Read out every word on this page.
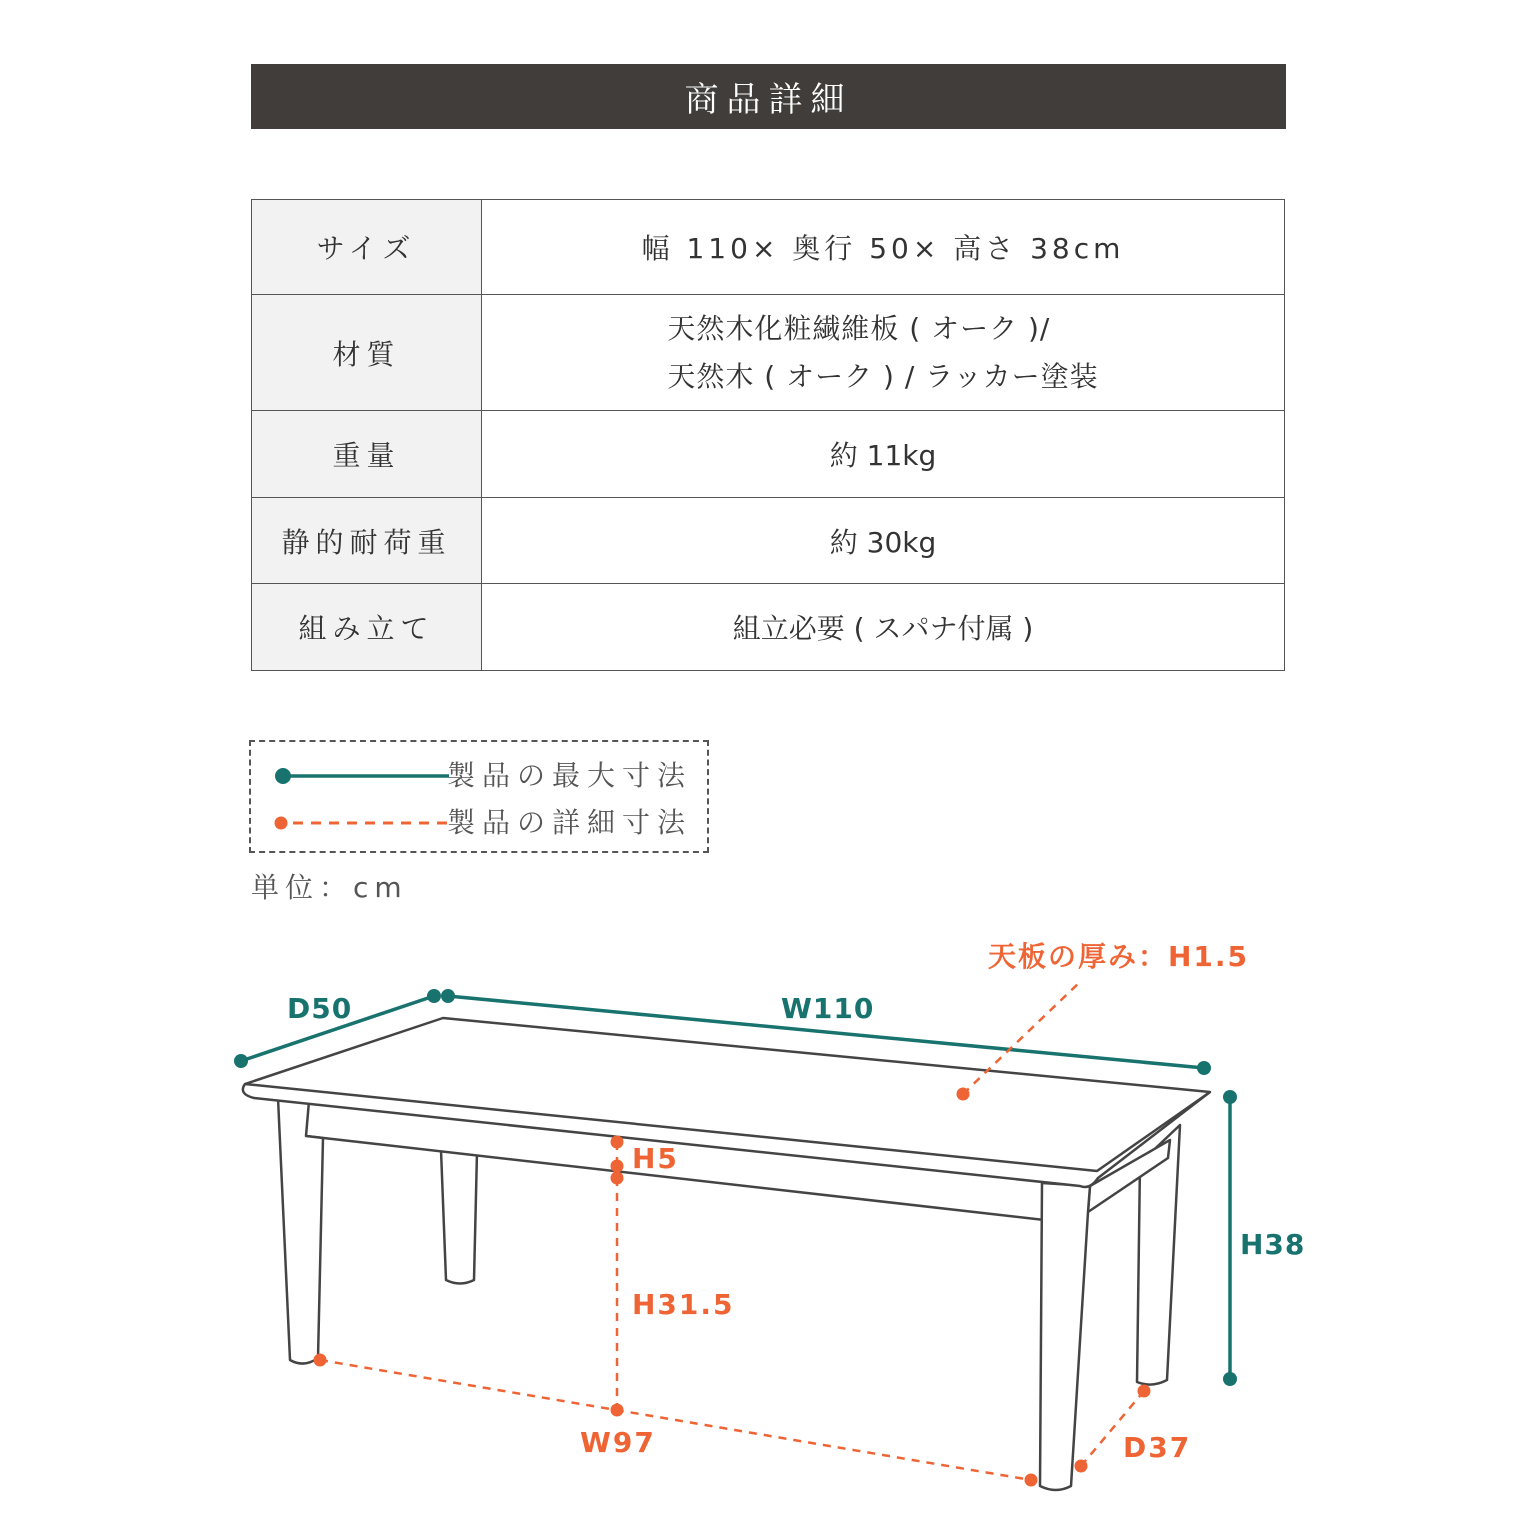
商品詳細
サイズ	幅 110× 奥行 50× 高さ 38cm
材質	天然木化粧繊維板 ( オーク )/
天然木 ( オーク ) / ラッカー塗装

重量	約 11kg
静的耐荷重	約 30kg
組み立て	組立必要 ( スパナ付属 )
製品の最大寸法
製品の詳細寸法
単位：cm
D50	W110
H38
天板の厚み：H1.5
H5
H31.5
W97	D37
